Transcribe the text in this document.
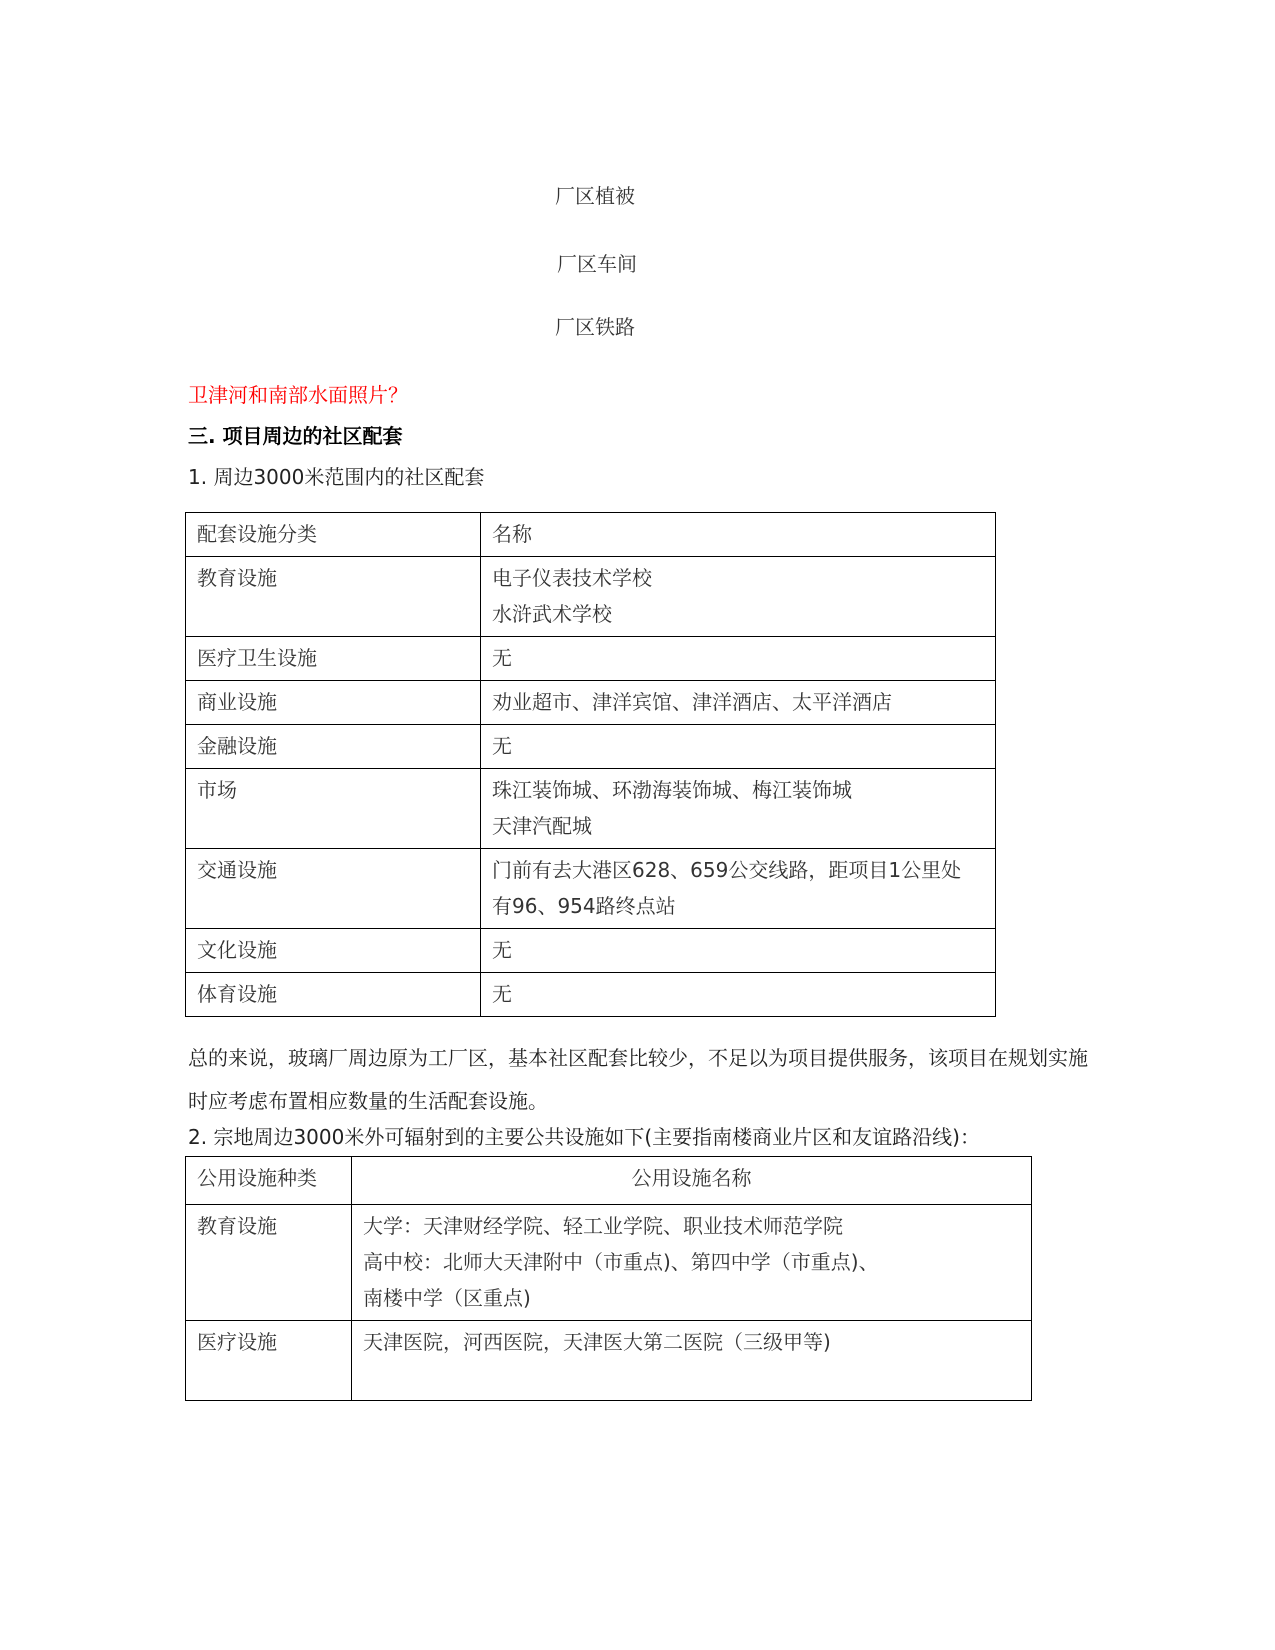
厂区植被
厂区车间
厂区铁路
卫津河和南部水面照片？
三. 项目周边的社区配套
1. 周边3000米范围内的社区配套
配套设施分类	名称

教育设施	电子仪表技术学校
水浒武术学校

医疗卫生设施	无

商业设施	劝业超市、津洋宾馆、津洋酒店、太平洋酒店

金融设施	无

市场	珠江装饰城、环渤海装饰城、梅江装饰城
天津汽配城

交通设施	门前有去大港区628、659公交线路，距项目1公里处
有96、954路终点站

文化设施	无

体育设施	无
总的来说，玻璃厂周边原为工厂区，基本社区配套比较少，不足以为项目提供服务，该项目在规划实施时应考虑布置相应数量的生活配套设施。
2. 宗地周边3000米外可辐射到的主要公共设施如下(主要指南楼商业片区和友谊路沿线)：
公用设施种类	公用设施名称

教育设施	大学：天津财经学院、轻工业学院、职业技术师范学院
高中校：北师大天津附中（市重点)、第四中学（市重点)、
南楼中学（区重点)

医疗设施	天津医院，河西医院，天津医大第二医院（三级甲等)
